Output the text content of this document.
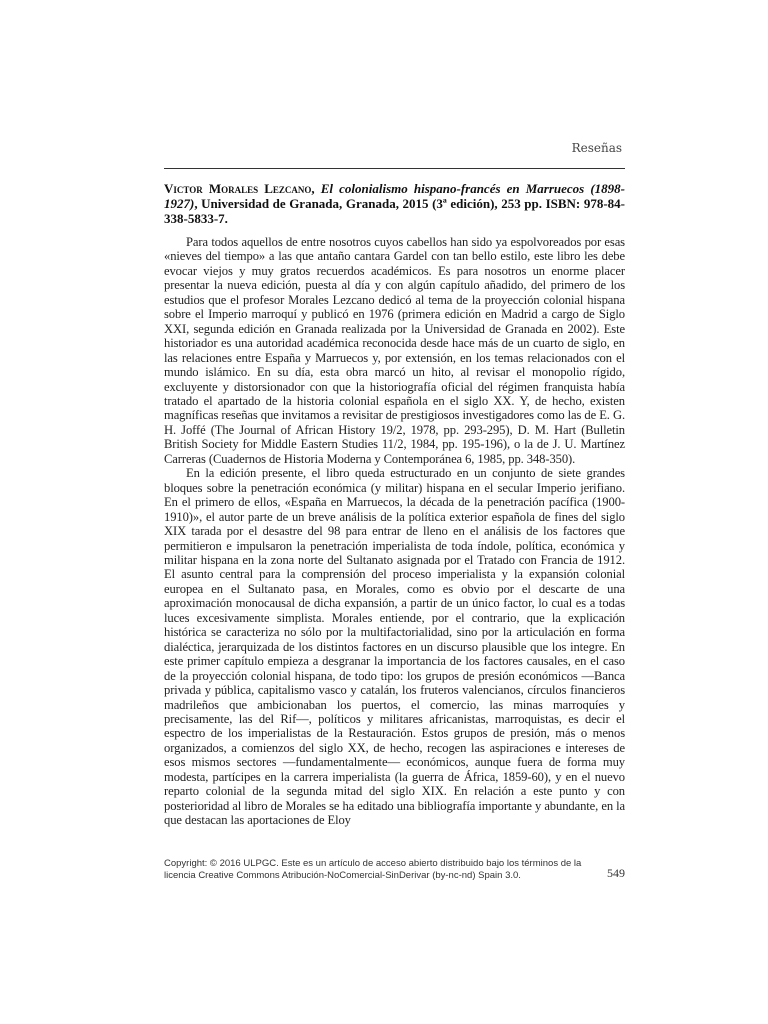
Reseñas
Victor Morales Lezcano, El colonialismo hispano-francés en Marruecos (1898-1927), Universidad de Granada, Granada, 2015 (3ª edición), 253 pp. ISBN: 978-84-338-5833-7.

Para todos aquellos de entre nosotros cuyos cabellos han sido ya espolvoreados por esas «nieves del tiempo» a las que antaño cantara Gardel con tan bello estilo, este libro les debe evocar viejos y muy gratos recuerdos académicos. Es para nosotros un enorme placer presentar la nueva edición, puesta al día y con algún capítulo añadido, del primero de los estudios que el profesor Morales Lezcano dedicó al tema de la proyección colonial hispana sobre el Imperio marroquí y publicó en 1976 (primera edición en Madrid a cargo de Siglo XXI, segunda edición en Granada realizada por la Universidad de Granada en 2002). Este historiador es una autoridad académica reconocida desde hace más de un cuarto de siglo, en las relaciones entre España y Marruecos y, por extensión, en los temas relacionados con el mundo islámico. En su día, esta obra marcó un hito, al revisar el monopolio rígido, excluyente y distorsionador con que la historiografía oficial del régimen franquista había tratado el apartado de la historia colonial española en el siglo XX. Y, de hecho, existen magníficas reseñas que invitamos a revisitar de prestigiosos investigadores como las de E. G. H. Joffé (The Journal of African History 19/2, 1978, pp. 293-295), D. M. Hart (Bulletin British Society for Middle Eastern Studies 11/2, 1984, pp. 195-196), o la de J. U. Martínez Carreras (Cuadernos de Historia Moderna y Contemporánea 6, 1985, pp. 348-350).

En la edición presente, el libro queda estructurado en un conjunto de siete grandes bloques sobre la penetración económica (y militar) hispana en el secular Imperio jerifiano. En el primero de ellos, «España en Marruecos, la década de la penetración pacífica (1900-1910)», el autor parte de un breve análisis de la política exterior española de fines del siglo XIX tarada por el desastre del 98 para entrar de lleno en el análisis de los factores que permitieron e impulsaron la penetración imperialista de toda índole, política, económica y militar hispana en la zona norte del Sultanato asignada por el Tratado con Francia de 1912. El asunto central para la comprensión del proceso imperialista y la expansión colonial europea en el Sultanato pasa, en Morales, como es obvio por el descarte de una aproximación monocausal de dicha expansión, a partir de un único factor, lo cual es a todas luces excesivamente simplista. Morales entiende, por el contrario, que la explicación histórica se caracteriza no sólo por la multifactorialidad, sino por la articulación en forma dialéctica, jerarquizada de los distintos factores en un discurso plausible que los integre. En este primer capítulo empieza a desgranar la importancia de los factores causales, en el caso de la proyección colonial hispana, de todo tipo: los grupos de presión económicos —Banca privada y pública, capitalismo vasco y catalán, los fruteros valencianos, círculos financieros madrileños que ambicionaban los puertos, el comercio, las minas marroquíes y precisamente, las del Rif—, políticos y militares africanistas, marroquistas, es decir el espectro de los imperialistas de la Restauración. Estos grupos de presión, más o menos organizados, a comienzos del siglo XX, de hecho, recogen las aspiraciones e intereses de esos mismos sectores —fundamentalmente— económicos, aunque fuera de forma muy modesta, partícipes en la carrera imperialista (la guerra de África, 1859-60), y en el nuevo reparto colonial de la segunda mitad del siglo XIX. En relación a este punto y con posterioridad al libro de Morales se ha editado una bibliografía importante y abundante, en la que destacan las aportaciones de Eloy

Copyright: © 2016 ULPGC. Este es un artículo de acceso abierto distribuido bajo los términos de la licencia Creative Commons Atribución-NoComercial-SinDerivar (by-nc-nd) Spain 3.0.	549
